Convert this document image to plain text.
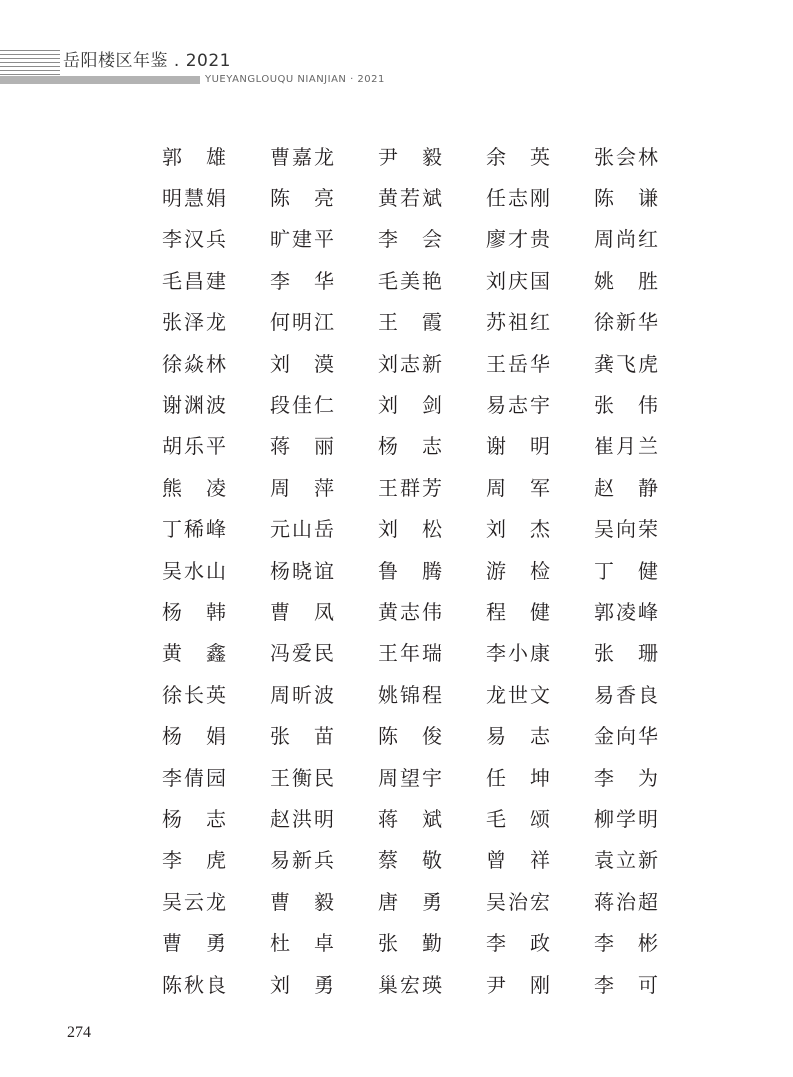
岳阳楼区年鉴 . 2021
YUEYANGLOUQU NIANJIAN · 2021
郭 雄 曹 嘉 龙 尹 毅 余 英 张 会 林
明 慧 娟 陈 亮 黄 若 斌 任 志 刚 陈 谦
李 汉 兵 旷 建 平 李 会 廖 才 贵 周 尚 红
毛 昌 建 李 华 毛 美 艳 刘 庆 国 姚 胜
张 泽 龙 何 明 江 王 霞 苏 祖 红 徐 新 华
徐 焱 林 刘 漠 刘 志 新 王 岳 华 龚 飞 虎
谢 渊 波 段 佳 仁 刘 剑 易 志 宇 张 伟
胡 乐 平 蒋 丽 杨 志 谢 明 崔 月 兰
熊 凌 周 萍 王 群 芳 周 军 赵 静
丁 稀 峰 元 山 岳 刘 松 刘 杰 吴 向 荣
吴 水 山 杨 晓 谊 鲁 腾 游 检 丁 健
杨 韩 曹 凤 黄 志 伟 程 健 郭 凌 峰
黄 鑫 冯 爱 民 王 年 瑞 李 小 康 张 珊
徐 长 英 周 昕 波 姚 锦 程 龙 世 文 易 香 良
杨 娟 张 苗 陈 俊 易 志 金 向 华
李 倩 园 王 衡 民 周 望 宇 任 坤 李 为
杨 志 赵 洪 明 蒋 斌 毛 颂 柳 学 明
李 虎 易 新 兵 蔡 敬 曾 祥 袁 立 新
吴 云 龙 曹 毅 唐 勇 吴 治 宏 蒋 治 超
曹 勇 杜 卓 张 勤 李 政 李 彬
陈 秋 良 刘 勇 巢 宏 瑛 尹 刚 李 可
274
